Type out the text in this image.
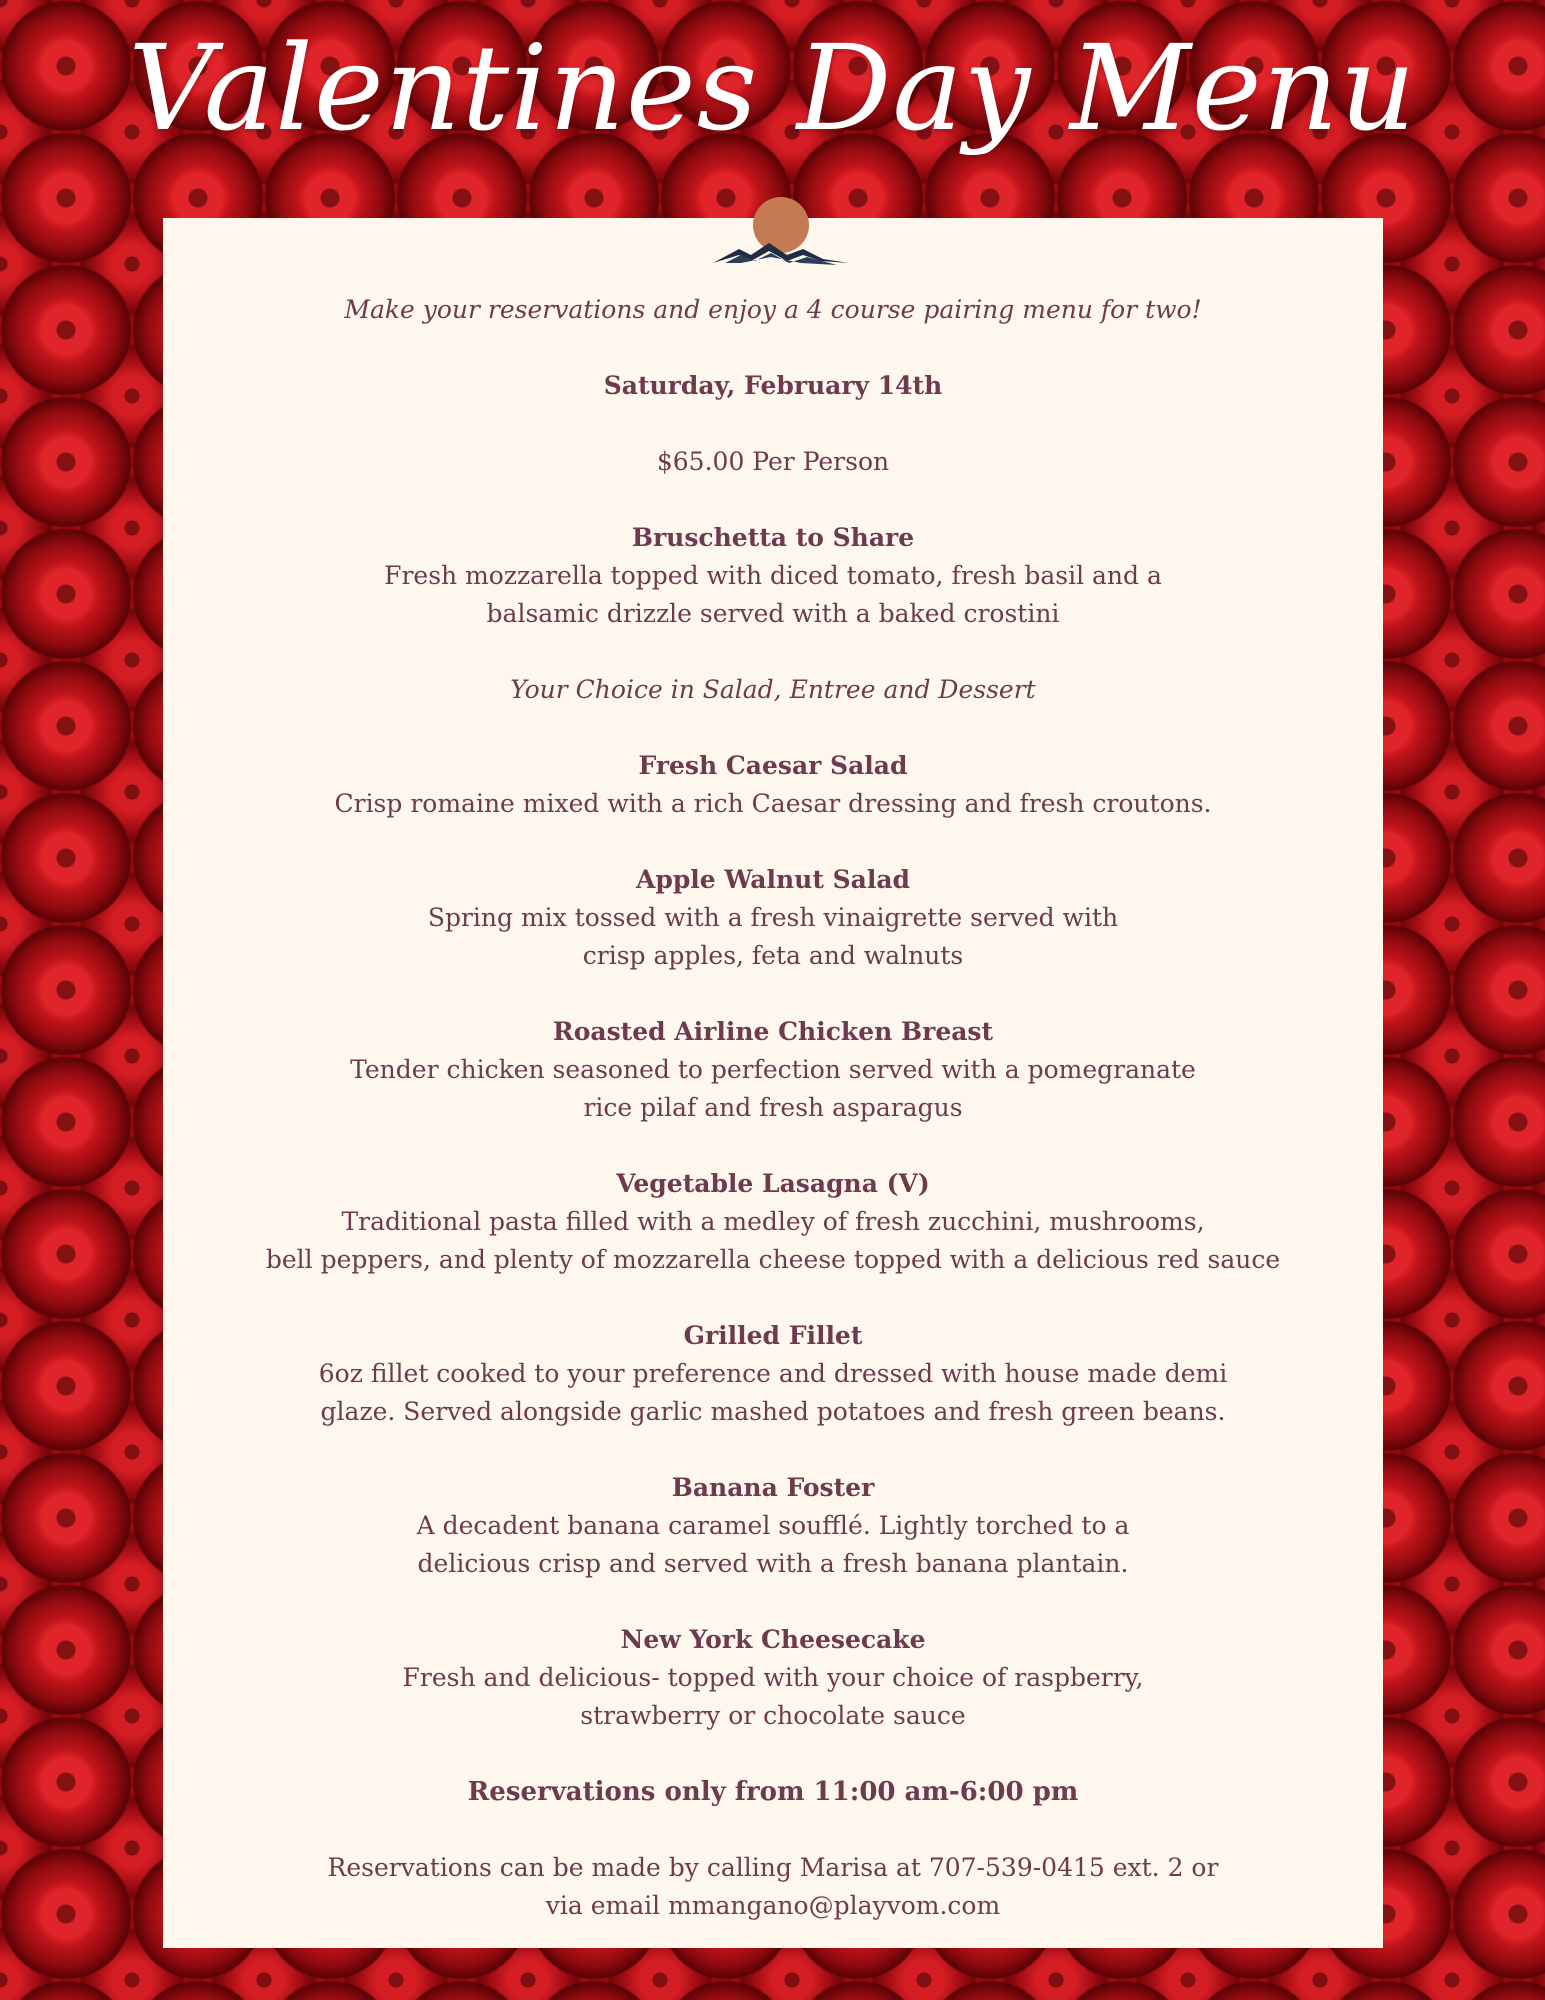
Valentines Day Menu
Make your reservations and enjoy a 4 course pairing menu for two!
Saturday, February 14th
$65.00 Per Person
Bruschetta to Share
Fresh mozzarella topped with diced tomato, fresh basil and a
balsamic drizzle served with a baked crostini
Your Choice in Salad, Entree and Dessert
Fresh Caesar Salad
Crisp romaine mixed with a rich Caesar dressing and fresh croutons.
Apple Walnut Salad
Spring mix tossed with a fresh vinaigrette served with
crisp apples, feta and walnuts
Roasted Airline Chicken Breast
Tender chicken seasoned to perfection served with a pomegranate
rice pilaf and fresh asparagus
Vegetable Lasagna (V)
Traditional pasta filled with a medley of fresh zucchini, mushrooms,
bell peppers, and plenty of mozzarella cheese topped with a delicious red sauce
Grilled Fillet
6oz fillet cooked to your preference and dressed with house made demi
glaze. Served alongside garlic mashed potatoes and fresh green beans.
Banana Foster
A decadent banana caramel soufflé. Lightly torched to a
delicious crisp and served with a fresh banana plantain.
New York Cheesecake
Fresh and delicious- topped with your choice of raspberry,
strawberry or chocolate sauce
Reservations only from 11:00 am-6:00 pm
Reservations can be made by calling Marisa at 707-539-0415 ext. 2 or
via email mmangano@playvom.com
